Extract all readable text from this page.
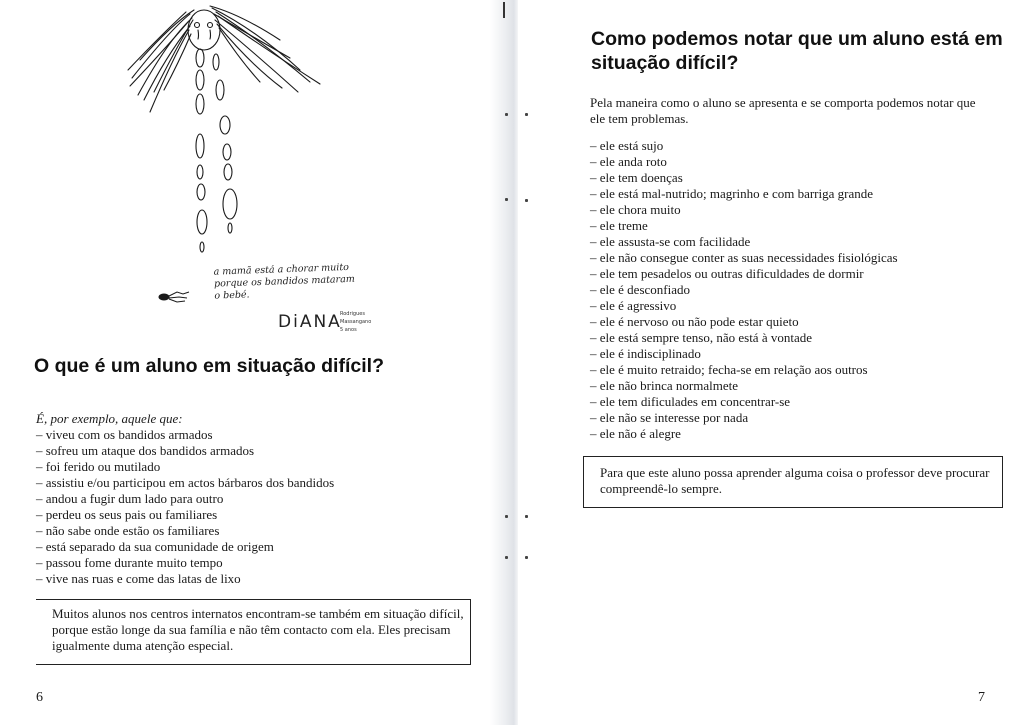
a mamã está a chorar muito
porque os bandidos mataram
o bebé.
DiANA
Rodrigues
Massangano
5 anos
O que é um aluno em situação difícil?
É, por exemplo, aquele que:
– viveu com os bandidos armados
– sofreu um ataque dos bandidos armados
– foi ferido ou mutilado
– assistiu e/ou participou em actos bárbaros dos bandidos
– andou a fugir dum lado para outro
– perdeu os seus pais ou familiares
– não sabe onde estão os familiares
– está separado da sua comunidade de origem
– passou fome durante muito tempo
– vive nas ruas e come das latas de lixo
Muitos alunos nos centros internatos encontram-se também em situação difícil, porque estão longe da sua família e não têm contacto com ela. Eles precisam igualmente duma atenção especial.
6
Como podemos notar que um aluno está em situação difícil?
Pela maneira como o aluno se apresenta e se comporta podemos notar que ele tem problemas.
– ele está sujo
– ele anda roto
– ele tem doenças
– ele está mal-nutrido; magrinho e com barriga grande
– ele chora muito
– ele treme
– ele assusta-se com facilidade
– ele não consegue conter as suas necessidades fisiológicas
– ele tem pesadelos ou outras dificuldades de dormir
– ele é desconfiado
– ele é agressivo
– ele é nervoso ou não pode estar quieto
– ele está sempre tenso, não está à vontade
– ele é indisciplinado
– ele é muito retraido; fecha-se em relação aos outros
– ele não brinca normalmete
– ele tem dificulades em concentrar-se
– ele não se interesse por nada
– ele não é alegre
Para que este aluno possa aprender alguma coisa o professor deve procurar compreendê-lo sempre.
7
